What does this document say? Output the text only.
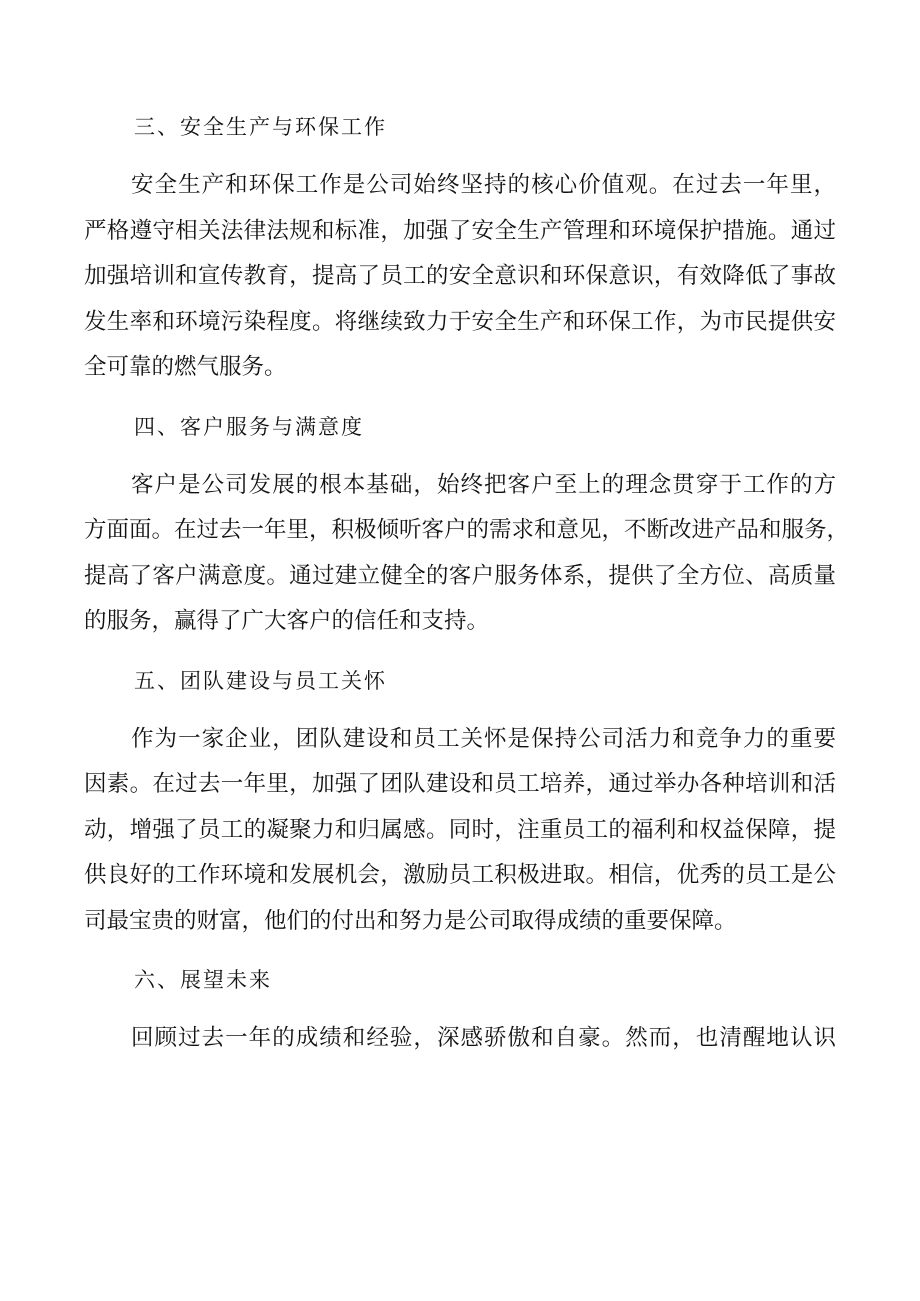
三、安全生产与环保工作
安全生产和环保工作是公司始终坚持的核心价值观。在过去一年里，
严格遵守相关法律法规和标准，加强了安全生产管理和环境保护措施。通过
加强培训和宣传教育，提高了员工的安全意识和环保意识，有效降低了事故
发生率和环境污染程度。将继续致力于安全生产和环保工作，为市民提供安
全可靠的燃气服务。
四、客户服务与满意度
客户是公司发展的根本基础，始终把客户至上的理念贯穿于工作的方
方面面。在过去一年里，积极倾听客户的需求和意见，不断改进产品和服务，
提高了客户满意度。通过建立健全的客户服务体系，提供了全方位、高质量
的服务，赢得了广大客户的信任和支持。
五、团队建设与员工关怀
作为一家企业，团队建设和员工关怀是保持公司活力和竞争力的重要
因素。在过去一年里，加强了团队建设和员工培养，通过举办各种培训和活
动，增强了员工的凝聚力和归属感。同时，注重员工的福利和权益保障，提
供良好的工作环境和发展机会，激励员工积极进取。相信，优秀的员工是公
司最宝贵的财富，他们的付出和努力是公司取得成绩的重要保障。
六、展望未来
回顾过去一年的成绩和经验，深感骄傲和自豪。然而，也清醒地认识
